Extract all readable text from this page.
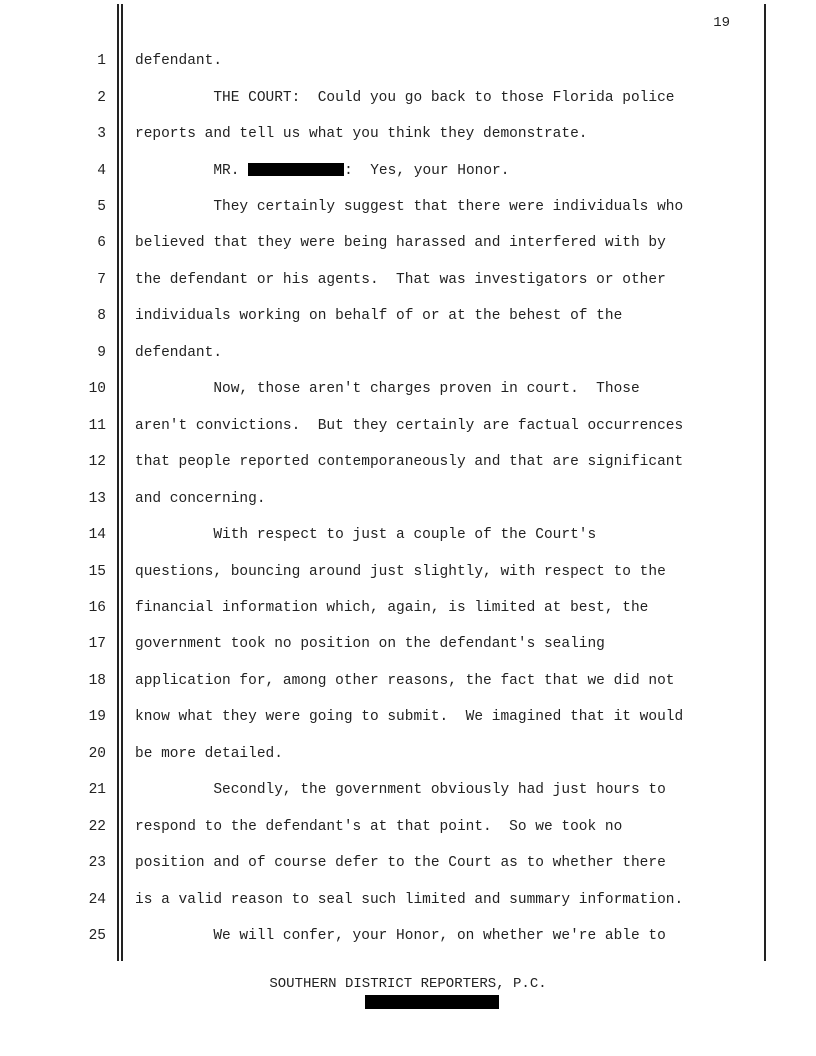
19
1 defendant.
2 THE COURT:  Could you go back to those Florida police
3 reports and tell us what you think they demonstrate.
4 MR.	:  Yes, your Honor.
5 They certainly suggest that there were individuals who
6 believed that they were being harassed and interfered with by
7 the defendant or his agents.  That was investigators or other
8 individuals working on behalf of or at the behest of the
9 defendant.
10 Now, those aren't charges proven in court.  Those
11 aren't convictions.  But they certainly are factual occurrences
12 that people reported contemporaneously and that are significant
13 and concerning.
14 With respect to just a couple of the Court's
15 questions, bouncing around just slightly, with respect to the
16 financial information which, again, is limited at best, the
17 government took no position on the defendant's sealing
18 application for, among other reasons, the fact that we did not
19 know what they were going to submit.  We imagined that it would
20 be more detailed.
21 Secondly, the government obviously had just hours to
22 respond to the defendant's at that point.  So we took no
23 position and of course defer to the Court as to whether there
24 is a valid reason to seal such limited and summary information.
25 We will confer, your Honor, on whether we're able to
SOUTHERN DISTRICT REPORTERS, P.C.
